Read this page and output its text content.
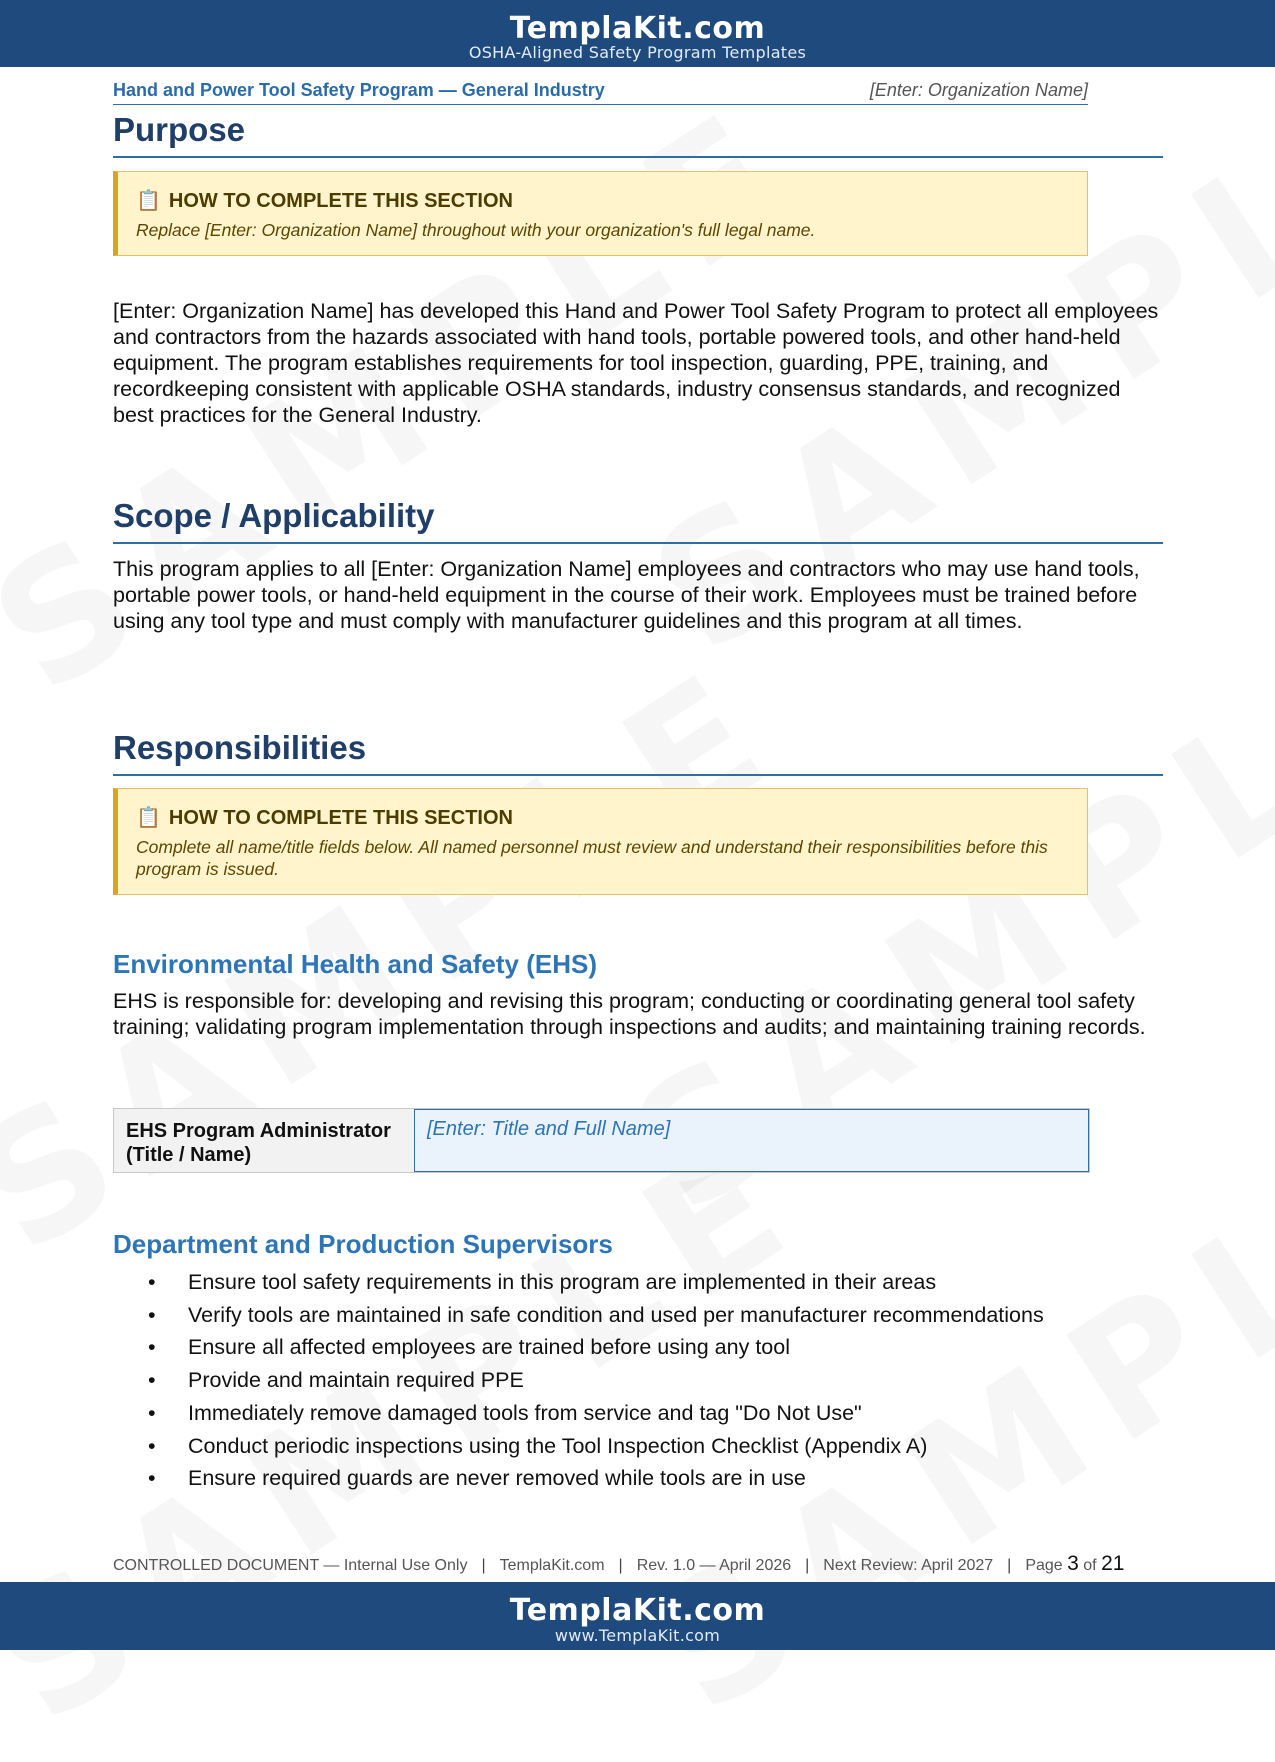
TemplaKit.com
OSHA-Aligned Safety Program Templates
Hand and Power Tool Safety Program — General Industry	[Enter: Organization Name]
Purpose
📋 HOW TO COMPLETE THIS SECTION
Replace [Enter: Organization Name] throughout with your organization's full legal name.

[Enter: Organization Name] has developed this Hand and Power Tool Safety Program to protect all employees and contractors from the hazards associated with hand tools, portable powered tools, and other hand-held equipment. The program establishes requirements for tool inspection, guarding, PPE, training, and recordkeeping consistent with applicable OSHA standards, industry consensus standards, and recognized best practices for the General Industry.

Scope / Applicability

This program applies to all [Enter: Organization Name] employees and contractors who may use hand tools, portable power tools, or hand-held equipment in the course of their work. Employees must be trained before using any tool type and must comply with manufacturer guidelines and this program at all times.

Responsibilities
📋 HOW TO COMPLETE THIS SECTION
Complete all name/title fields below. All named personnel must review and understand their responsibilities before this program is issued.
Environmental Health and Safety (EHS)

EHS is responsible for: developing and revising this program; conducting or coordinating general tool safety training; validating program implementation through inspections and audits; and maintaining training records.

EHS Program Administrator (Title / Name)
[Enter: Title and Full Name]
Department and Production Supervisors
• Ensure tool safety requirements in this program are implemented in their areas
• Verify tools are maintained in safe condition and used per manufacturer recommendations
• Ensure all affected employees are trained before using any tool
• Provide and maintain required PPE
• Immediately remove damaged tools from service and tag "Do Not Use"
• Conduct periodic inspections using the Tool Inspection Checklist (Appendix A)
• Ensure required guards are never removed while tools are in use
CONTROLLED DOCUMENT — Internal Use Only | TemplaKit.com | Rev. 1.0 — April 2026 | Next Review: April 2027 | Page 3 of 21
TemplaKit.com
www.TemplaKit.com
